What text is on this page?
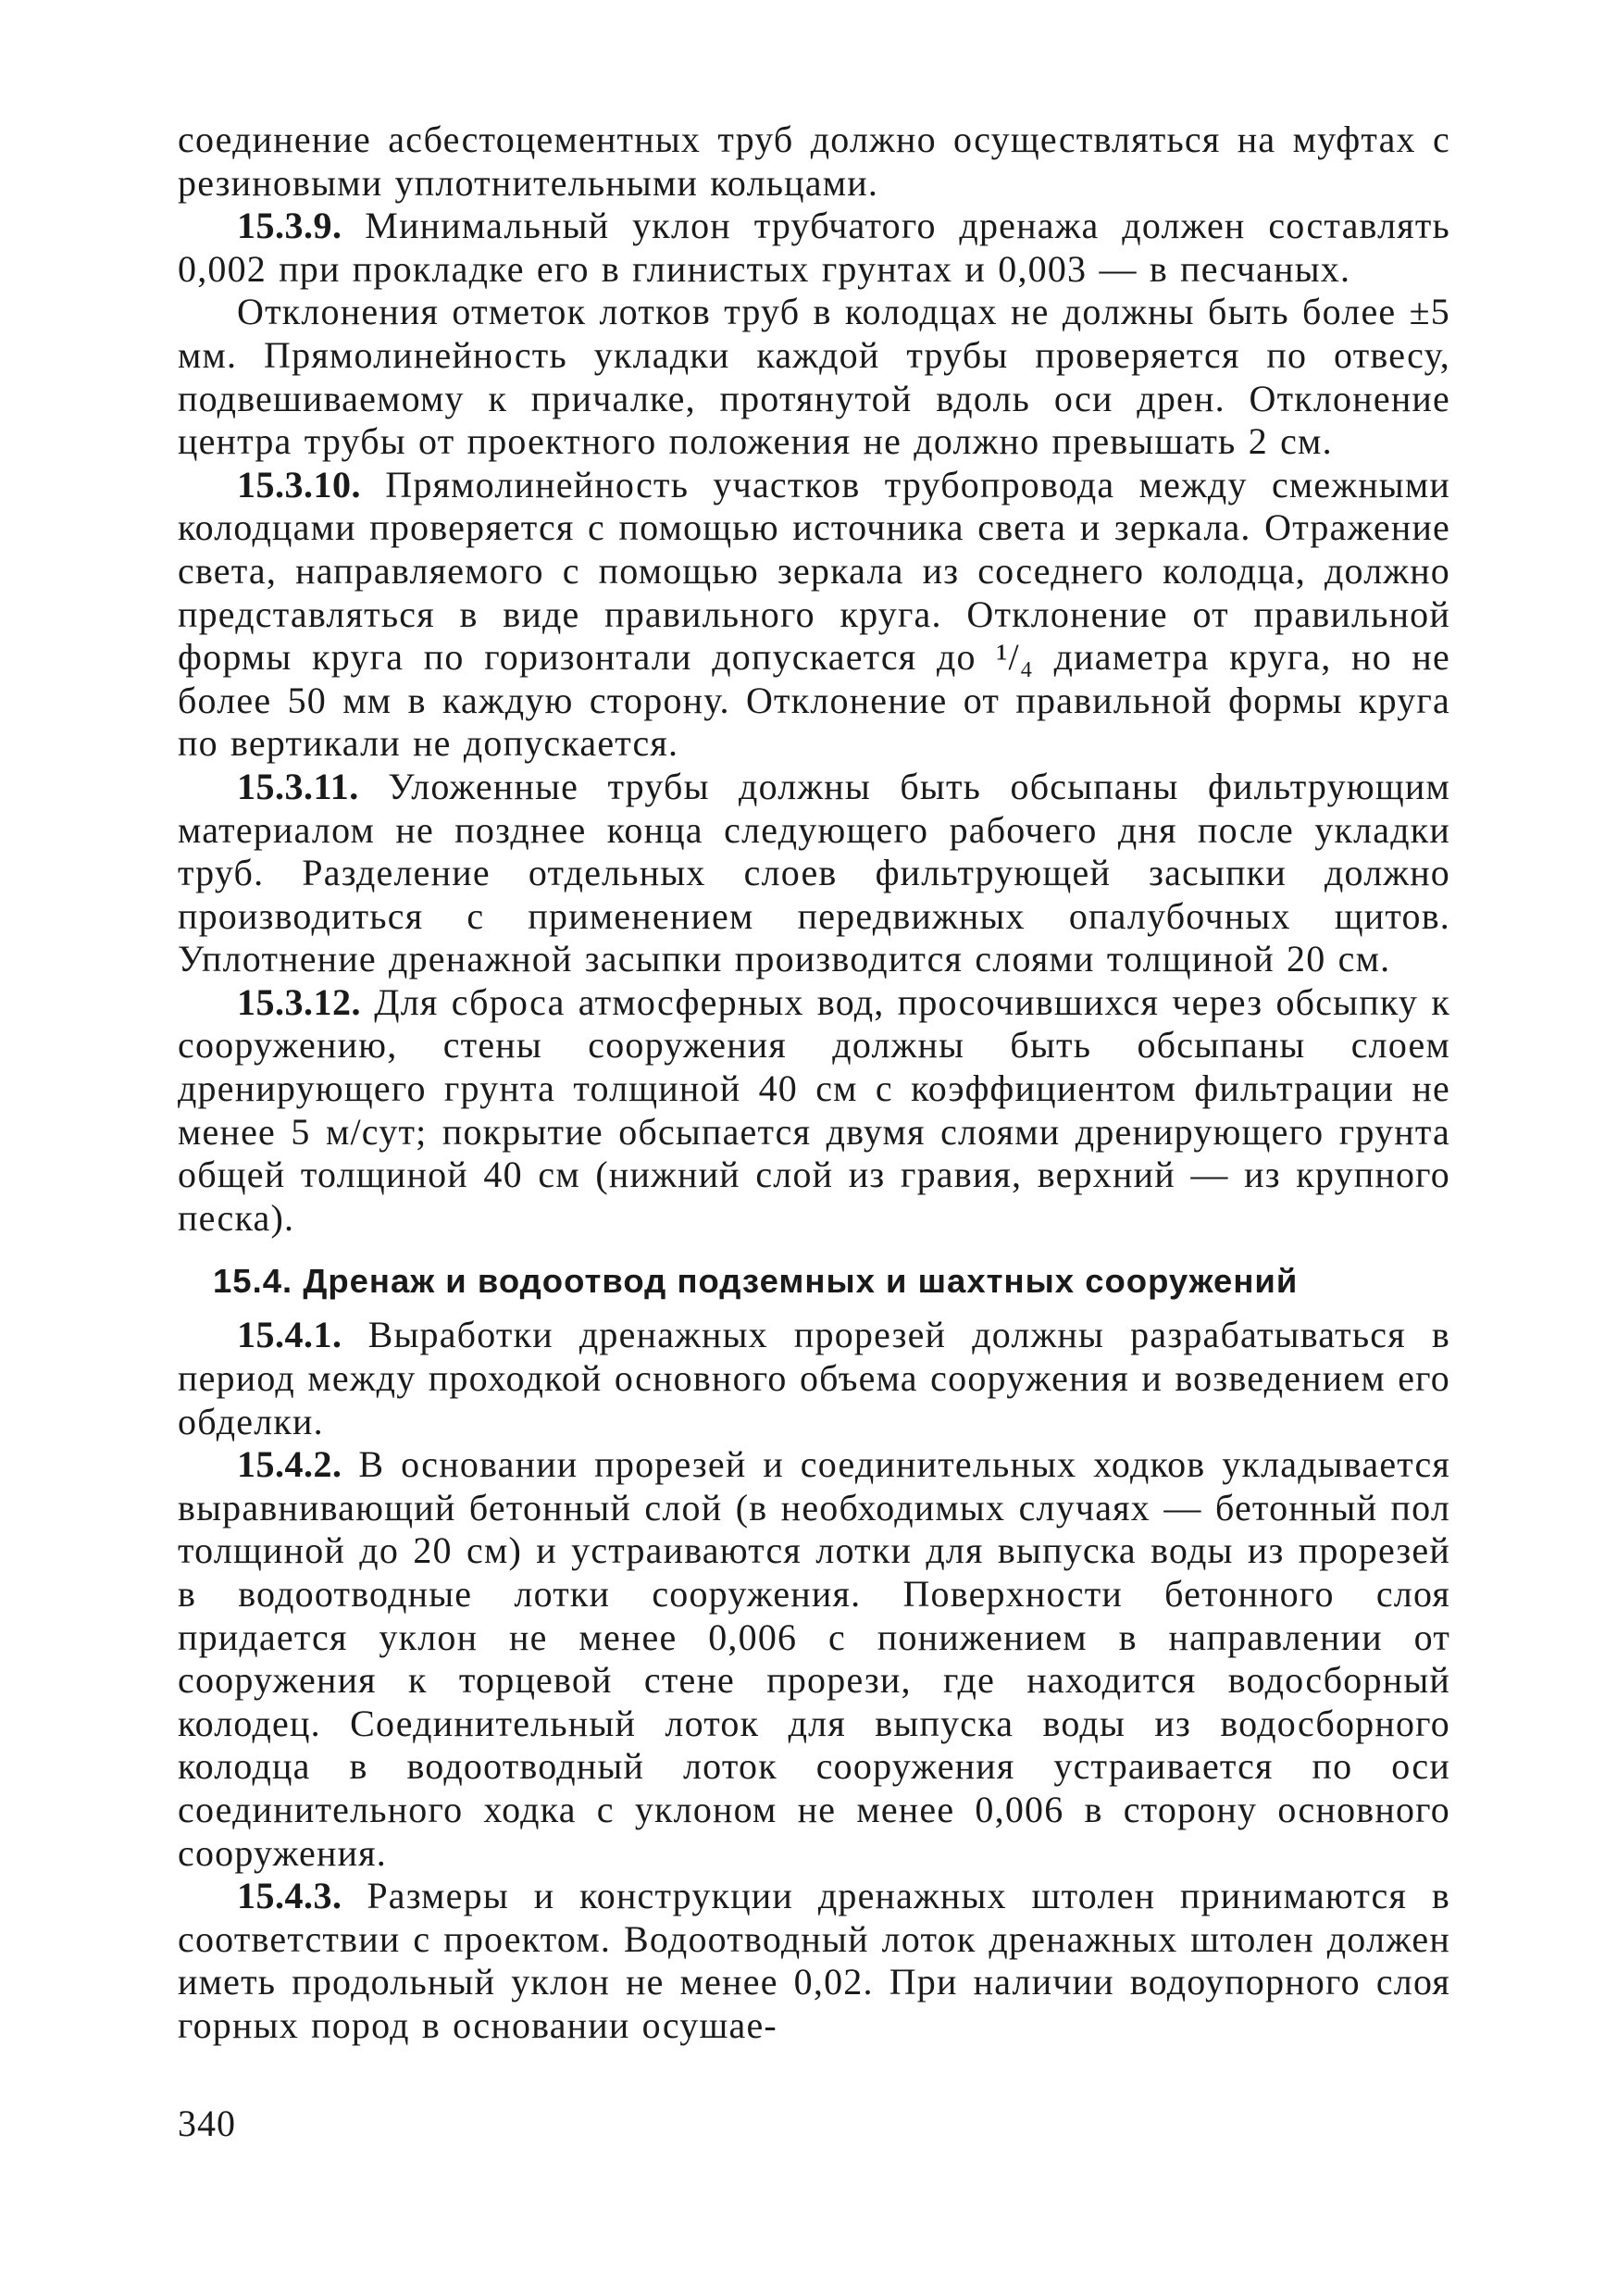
соединение асбестоцементных труб должно осуществляться на муфтах с резиновыми уплотнительными кольцами.

15.3.9. Минимальный уклон трубчатого дренажа должен составлять 0,002 при прокладке его в глинистых грунтах и 0,003 — в песчаных.

Отклонения отметок лотков труб в колодцах не должны быть более ±5 мм. Прямолинейность укладки каждой трубы проверяется по отвесу, подвешиваемому к причалке, протянутой вдоль оси дрен. Отклонение центра трубы от проектного положения не должно превышать 2 см.

15.3.10. Прямолинейность участков трубопровода между смежными колодцами проверяется с помощью источника света и зеркала. Отражение света, направляемого с помощью зеркала из соседнего колодца, должно представляться в виде правильного круга. Отклонение от правильной формы круга по горизонтали допускается до ¹/₄ диаметра круга, но не более 50 мм в каждую сторону. Отклонение от правильной формы круга по вертикали не допускается.

15.3.11. Уложенные трубы должны быть обсыпаны фильтрующим материалом не позднее конца следующего рабочего дня после укладки труб. Разделение отдельных слоев фильтрующей засыпки должно производиться с применением передвижных опалубочных щитов. Уплотнение дренажной засыпки производится слоями толщиной 20 см.

15.3.12. Для сброса атмосферных вод, просочившихся через обсыпку к сооружению, стены сооружения должны быть обсыпаны слоем дренирующего грунта толщиной 40 см с коэффициентом фильтрации не менее 5 м/сут; покрытие обсыпается двумя слоями дренирующего грунта общей толщиной 40 см (нижний слой из гравия, верхний — из крупного песка).

15.4. Дренаж и водоотвод подземных и шахтных сооружений

15.4.1. Выработки дренажных прорезей должны разрабатываться в период между проходкой основного объема сооружения и возведением его обделки.

15.4.2. В основании прорезей и соединительных ходков укладывается выравнивающий бетонный слой (в необходимых случаях — бетонный пол толщиной до 20 см) и устраиваются лотки для выпуска воды из прорезей в водоотводные лотки сооружения. Поверхности бетонного слоя придается уклон не менее 0,006 с понижением в направлении от сооружения к торцевой стене прорези, где находится водосборный колодец. Соединительный лоток для выпуска воды из водосборного колодца в водоотводный лоток сооружения устраивается по оси соединительного ходка с уклоном не менее 0,006 в сторону основного сооружения.

15.4.3. Размеры и конструкции дренажных штолен принимаются в соответствии с проектом. Водоотводный лоток дренажных штолен должен иметь продольный уклон не менее 0,02. При наличии водоупорного слоя горных пород в основании осушае-

340
